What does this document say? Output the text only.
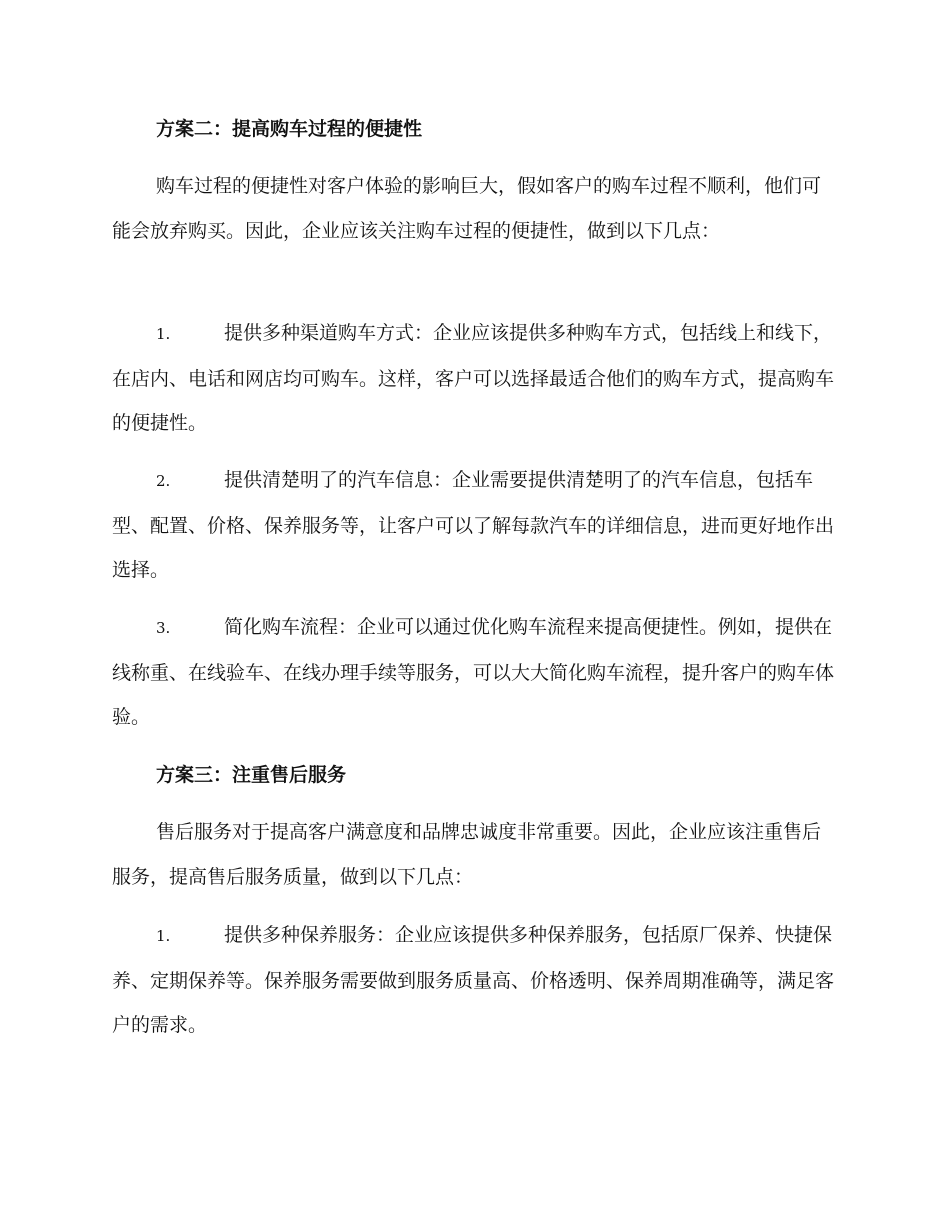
方案二：提高购车过程的便捷性

购车过程的便捷性对客户体验的影响巨大，假如客户的购车过程不顺利，他们可能会放弃购买。因此，企业应该关注购车过程的便捷性，做到以下几点：

1.	提供多种渠道购车方式：企业应该提供多种购车方式，包括线上和线下，在店内、电话和网店均可购车。这样，客户可以选择最适合他们的购车方式，提高购车的便捷性。

2.	提供清楚明了的汽车信息：企业需要提供清楚明了的汽车信息，包括车型、配置、价格、保养服务等，让客户可以了解每款汽车的详细信息，进而更好地作出选择。

3.	简化购车流程：企业可以通过优化购车流程来提高便捷性。例如，提供在线称重、在线验车、在线办理手续等服务，可以大大简化购车流程，提升客户的购车体验。

方案三：注重售后服务

售后服务对于提高客户满意度和品牌忠诚度非常重要。因此，企业应该注重售后服务，提高售后服务质量，做到以下几点：

1.	提供多种保养服务：企业应该提供多种保养服务，包括原厂保养、快捷保养、定期保养等。保养服务需要做到服务质量高、价格透明、保养周期准确等，满足客户的需求。
